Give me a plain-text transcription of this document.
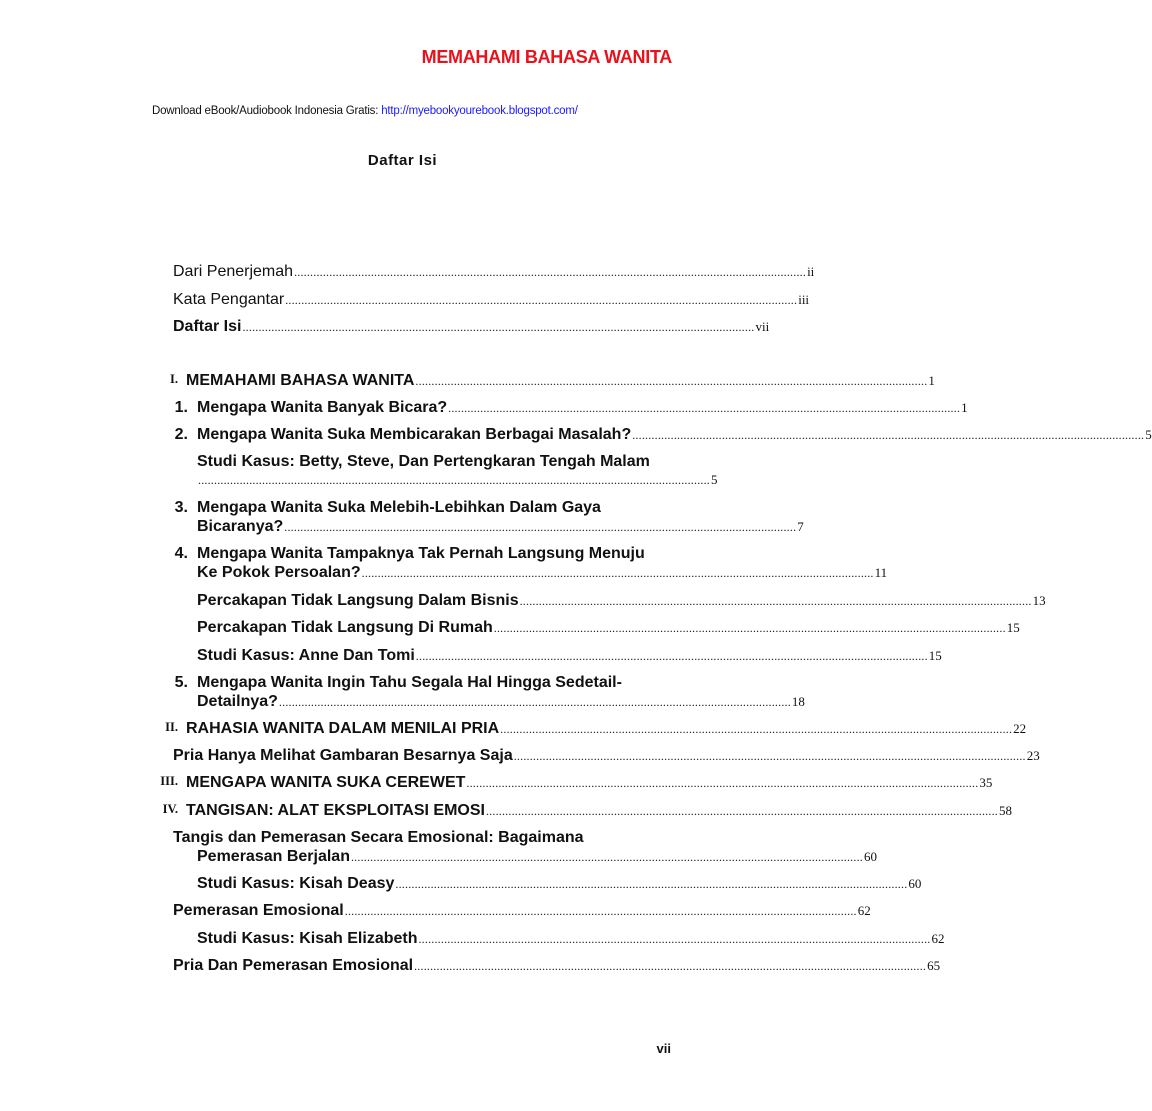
MEMAHAMI BAHASA WANITA
Download eBook/Audiobook Indonesia Gratis: http://myebookyourebook.blogspot.com/
Daftar Isi
Dari Penerjemah ................................................................................................................................................................ ii
Kata Pengantar ................................................................................................................................................................ iii
Daftar Isi ................................................................................................................................................................ vii
I. MEMAHAMI BAHASA WANITA ................................................................................................................................................................ 1
1. Mengapa Wanita Banyak Bicara? ................................................................................................................................................................ 1
2. Mengapa Wanita Suka Membicarakan Berbagai Masalah? ................................................................................................................................................................ 5
Studi Kasus: Betty, Steve, Dan Pertengkaran Tengah Malam
................................................................................................................................................................ 5
3. Mengapa Wanita Suka Melebih-Lebihkan Dalam Gaya
Bicaranya? ................................................................................................................................................................ 7
4. Mengapa Wanita Tampaknya Tak Pernah Langsung Menuju
Ke Pokok Persoalan? ................................................................................................................................................................ 11
Percakapan Tidak Langsung Dalam Bisnis ................................................................................................................................................................ 13
Percakapan Tidak Langsung Di Rumah ................................................................................................................................................................ 15
Studi Kasus: Anne Dan Tomi ................................................................................................................................................................ 15
5. Mengapa Wanita Ingin Tahu Segala Hal Hingga Sedetail-
Detailnya? ................................................................................................................................................................ 18
II. RAHASIA WANITA DALAM MENILAI PRIA ................................................................................................................................................................ 22
Pria Hanya Melihat Gambaran Besarnya Saja ................................................................................................................................................................ 23
III. MENGAPA WANITA SUKA CEREWET ................................................................................................................................................................ 35
IV. TANGISAN: ALAT EKSPLOITASI EMOSI ................................................................................................................................................................ 58
Tangis dan Pemerasan Secara Emosional: Bagaimana
Pemerasan Berjalan ................................................................................................................................................................ 60
Studi Kasus: Kisah Deasy ................................................................................................................................................................ 60
Pemerasan Emosional ................................................................................................................................................................ 62
Studi Kasus: Kisah Elizabeth ................................................................................................................................................................ 62
Pria Dan Pemerasan Emosional ................................................................................................................................................................ 65
vii
